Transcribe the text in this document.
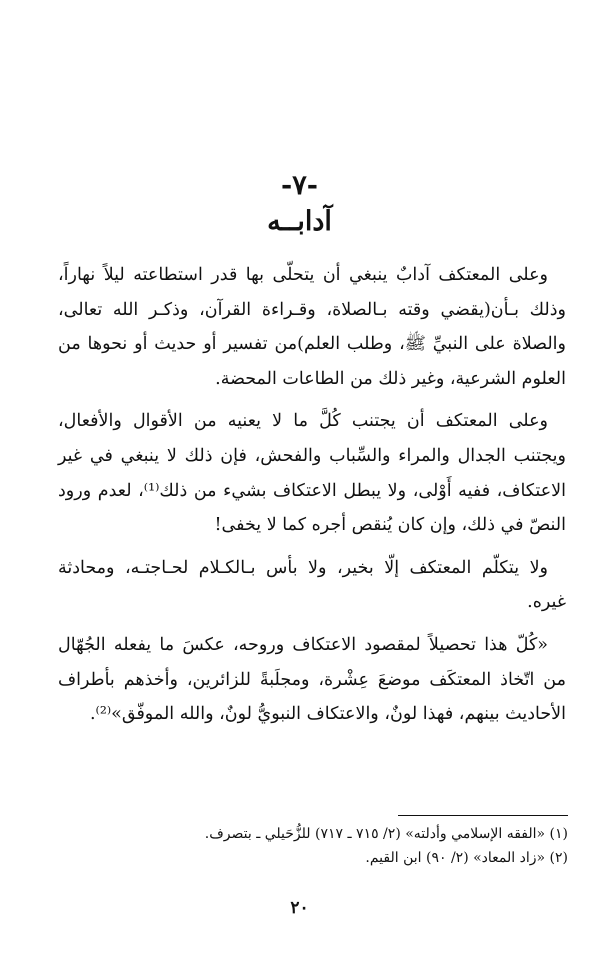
-٧-
آدابــه

وعلى المعتكف آدابٌ ينبغي أن يتحلّى بها قدر استطاعته ليلاً نهاراً، وذلك بـأن(يقضي وقته بـالصلاة، وقـراءة القرآن، وذكـر الله تعالى، والصلاة على النبيِّ ﷺ، وطلب العلم)من تفسير أو حديث أو نحوها من العلوم الشرعية، وغير ذلك من الطاعات المحضة.

وعلى المعتكف أن يجتنب كُلَّ ما لا يعنيه من الأقوال والأفعال، ويجتنب الجدال والمراء والسِّباب والفحش، فإن ذلك لا ينبغي في غير الاعتكاف، ففيه أَوْلى، ولا يبطل الاعتكاف بشيء من ذلك⁽¹⁾، لعدم ورود النصّ في ذلك، وإن كان يُنقص أجره كما لا يخفى!

ولا يتكلّم المعتكف إلّا بخير، ولا بأس بـالكـلام لحـاجتـه، ومحادثة غيره.

«كُلّ هذا تحصيلاً لمقصود الاعتكاف وروحه، عكسَ ما يفعله الجُهّال من اتّخاذ المعتكَف موضعَ عِشْرة، ومجلَبةً للزائرين، وأخذهم بأطراف الأحاديث بينهم، فهذا لونٌ، والاعتكاف النبويُّ لونٌ، والله الموفّق»⁽²⁾.

(١) «الفقه الإسلامي وأدلته» (٢/ ٧١٥ ـ ٧١٧) للزُّحَيلي ـ بتصرف.
(٢) «زاد المعاد» (٢/ ٩٠) ابن القيم.
٢٠
